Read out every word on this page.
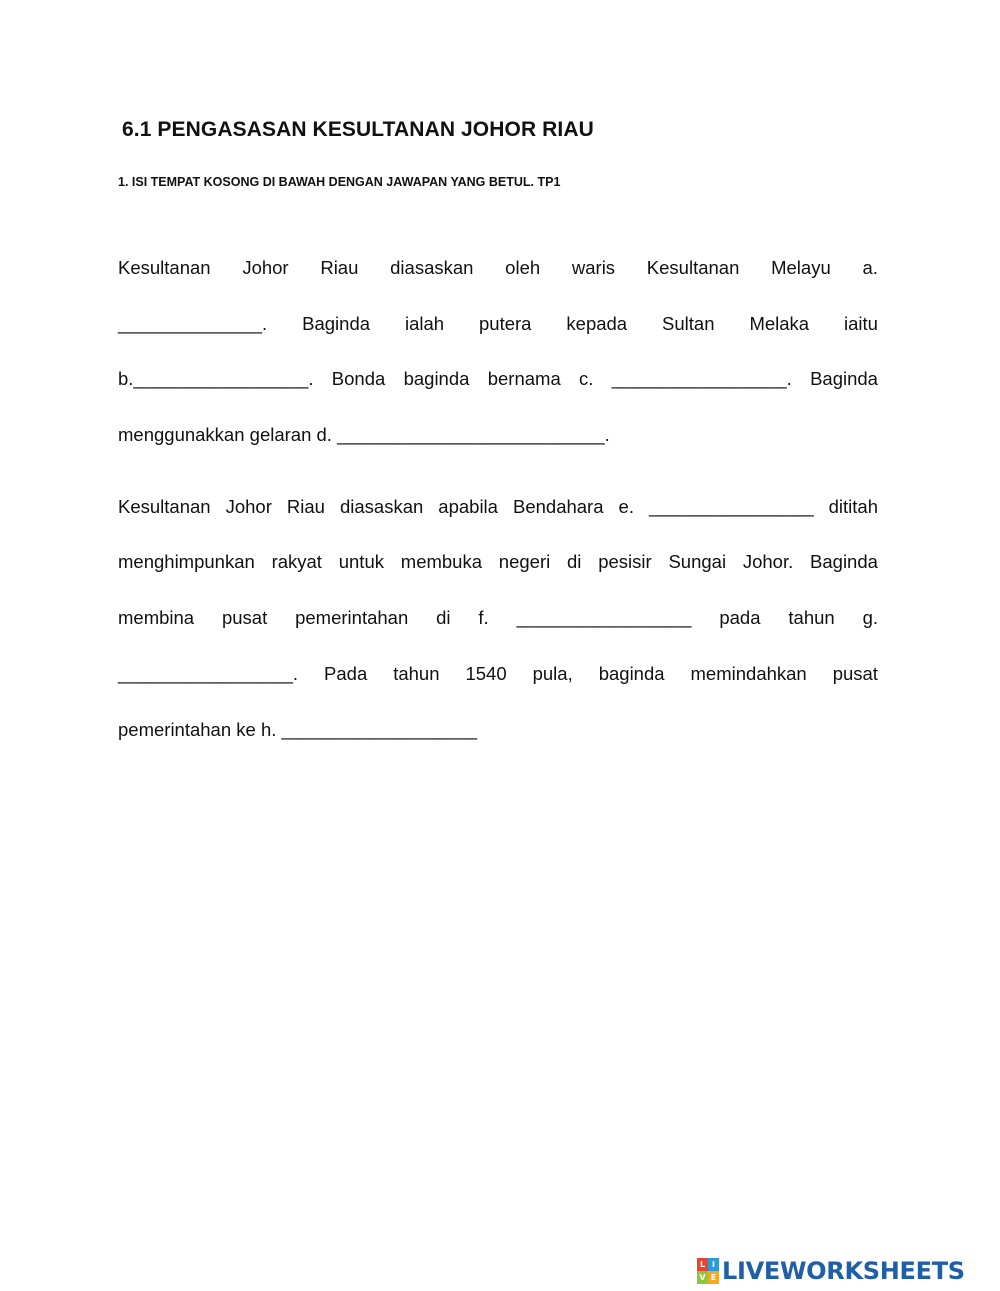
6.1 PENGASASAN KESULTANAN JOHOR RIAU

1. ISI TEMPAT KOSONG DI BAWAH DENGAN JAWAPAN YANG BETUL. TP1

Kesultanan Johor Riau diasaskan oleh waris Kesultanan Melayu a.
______________. Baginda ialah putera kepada Sultan Melaka iaitu
b._________________. Bonda baginda bernama c. _________________. Baginda
menggunakkan gelaran d. __________________________.
Kesultanan Johor Riau diasaskan apabila Bendahara e. ________________ dititah
menghimpunkan rakyat untuk membuka negeri di pesisir Sungai Johor. Baginda
membina pusat pemerintahan di f. _________________ pada tahun g.
_________________. Pada tahun 1540 pula, baginda memindahkan pusat
pemerintahan ke h. ___________________
L I
V E LIVEWORKSHEETS
